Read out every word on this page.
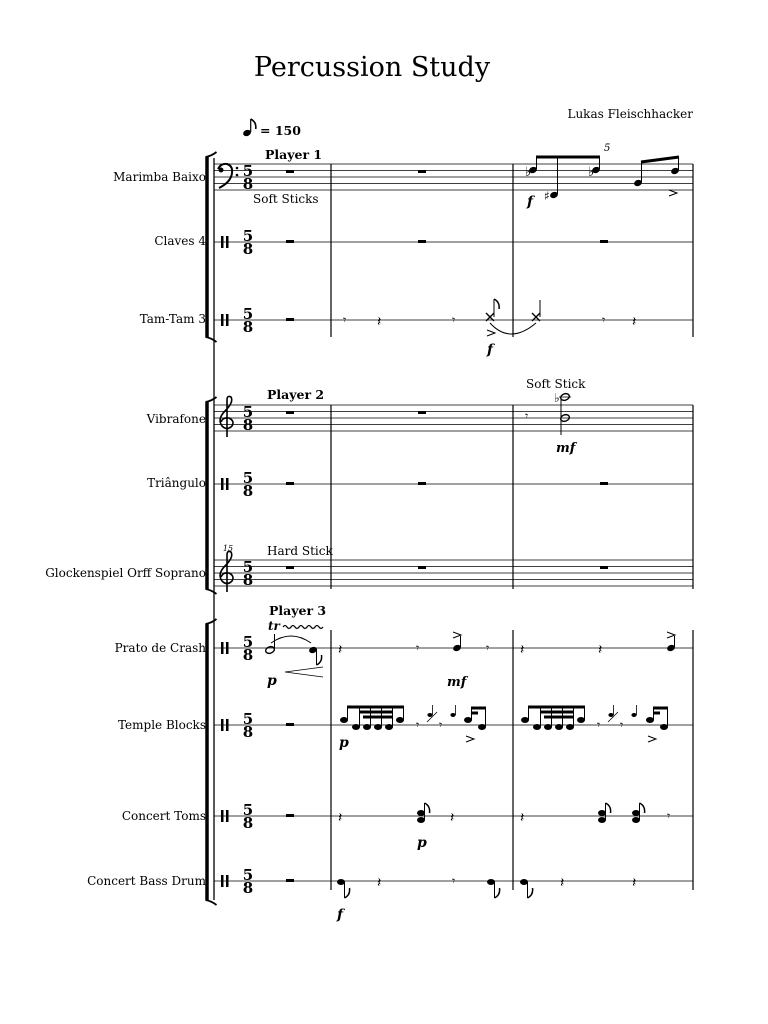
Percussion Study
Lukas Fleischhacker
= 150
Player 1
Player 2
Player 3
Marimba Baixo
Claves 4
Tam-Tam 3
Vibrafone
Triângulo
Glockenspiel Orff Soprano
Prato de Crash
Temple Blocks
Concert Toms
Concert Bass Drum
15
5
8
5
8
5
8
5
8
5
8
5
8
5
8
5
8
5
8
5
8
Soft Sticks
Soft Stick
Hard Stick
♭	♭
♯
5
f
𝄾 𝄽	𝄾	𝄾 𝄽
f
𝄾
♭
mf
tr
𝄽	𝄾	𝄾 𝄽	𝄽
p	mf
𝄾 𝄾	𝄾 𝄾
p
𝄽	𝄽	𝄽	𝄾
p
𝄽	𝄾	𝄽	𝄽
f
